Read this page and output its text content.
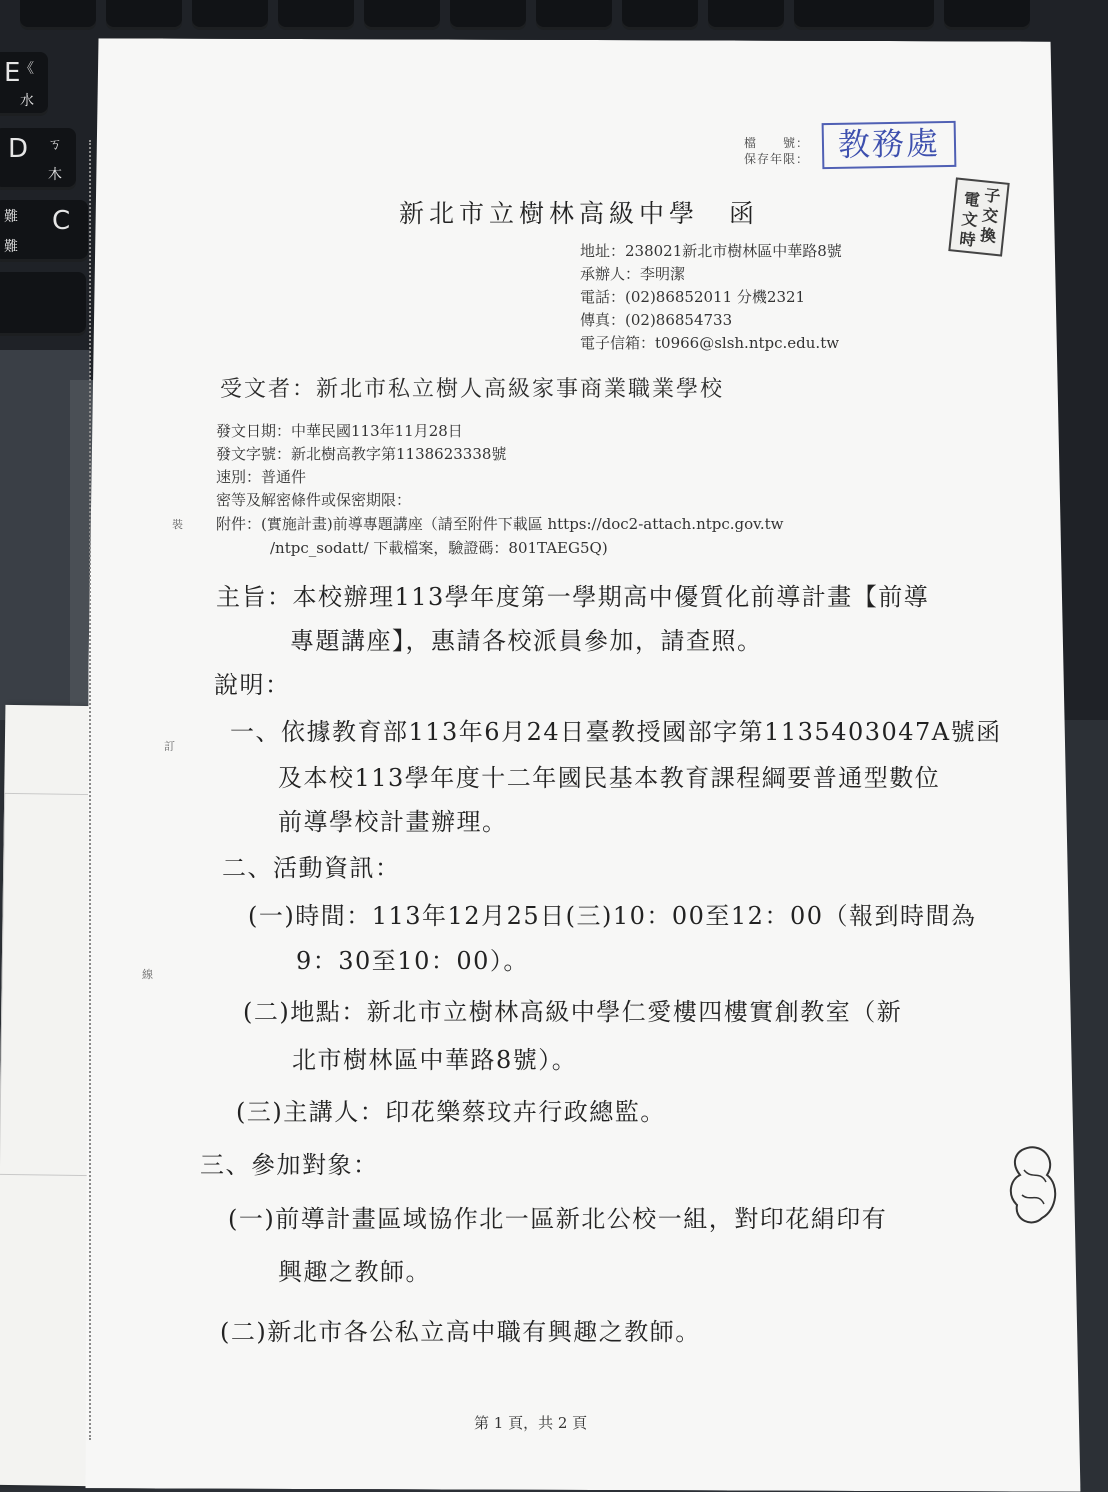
E 《
水
D ㄎ
木
C
難
難
裝
訂
線
檔　　號：
保存年限： 教務處
電 子
文 交
時 換
新北市立樹林高級中學　函
地址：238021新北市樹林區中華路8號
承辦人：李明潔
電話：(02)86852011 分機2321
傳真：(02)86854733
電子信箱：t0966@slsh.ntpc.edu.tw
受文者：新北市私立樹人高級家事商業職業學校
發文日期：中華民國113年11月28日
發文字號：新北樹高教字第1138623338號
速別：普通件
密等及解密條件或保密期限：
附件：(實施計畫)前導專題講座（請至附件下載區 https://doc2-attach.ntpc.gov.tw
/ntpc_sodatt/ 下載檔案，驗證碼：801TAEG5Q)
主旨：本校辦理113學年度第一學期高中優質化前導計畫【前導
專題講座】，惠請各校派員參加，請查照。
說明：
一、依據教育部113年6月24日臺教授國部字第1135403047A號函
及本校113學年度十二年國民基本教育課程綱要普通型數位
前導學校計畫辦理。
二、活動資訊：
(一)時間：113年12月25日(三)10：00至12：00（報到時間為
9：30至10：00）。
(二)地點：新北市立樹林高級中學仁愛樓四樓實創教室（新
北市樹林區中華路8號）。
(三)主講人：印花樂蔡玟卉行政總監。
三、參加對象：
(一)前導計畫區域協作北一區新北公校一組，對印花絹印有
興趣之教師。
(二)新北市各公私立高中職有興趣之教師。
第 1 頁，共 2 頁
